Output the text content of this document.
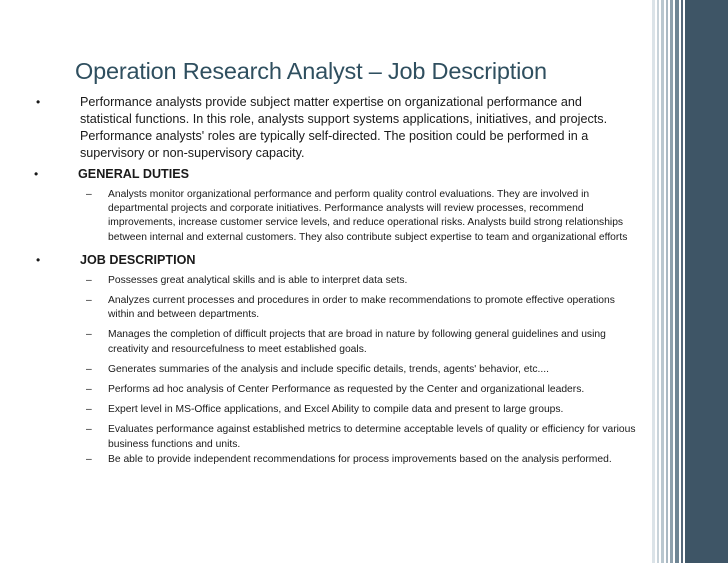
Operation Research Analyst – Job Description
•	Performance analysts provide subject matter expertise on organizational performance and statistical functions. In this role, analysts support systems applications, initiatives, and projects. Performance analysts' roles are typically self-directed. The position could be performed in a supervisory or non-supervisory capacity.
•	GENERAL DUTIES
– Analysts monitor organizational performance and perform quality control evaluations. They are involved in departmental projects and corporate initiatives. Performance analysts will review processes, recommend improvements, increase customer service levels, and reduce operational risks. Analysts build strong relationships between internal and external customers. They also contribute subject expertise to team and organizational efforts
•	JOB DESCRIPTION
– Possesses great analytical skills and is able to interpret data sets.
– Analyzes current processes and procedures in order to make recommendations to promote effective operations within and between departments.
– Manages the completion of difficult projects that are broad in nature by following general guidelines and using creativity and resourcefulness to meet established goals.
– Generates summaries of the analysis and include specific details, trends, agents' behavior, etc....
– Performs ad hoc analysis of Center Performance as requested by the Center and organizational leaders.
– Expert level in MS-Office applications, and Excel Ability to compile data and present to large groups.
– Evaluates performance against established metrics to determine acceptable levels of quality or efficiency for various business functions and units.
– Be able to provide independent recommendations for process improvements based on the analysis performed.
